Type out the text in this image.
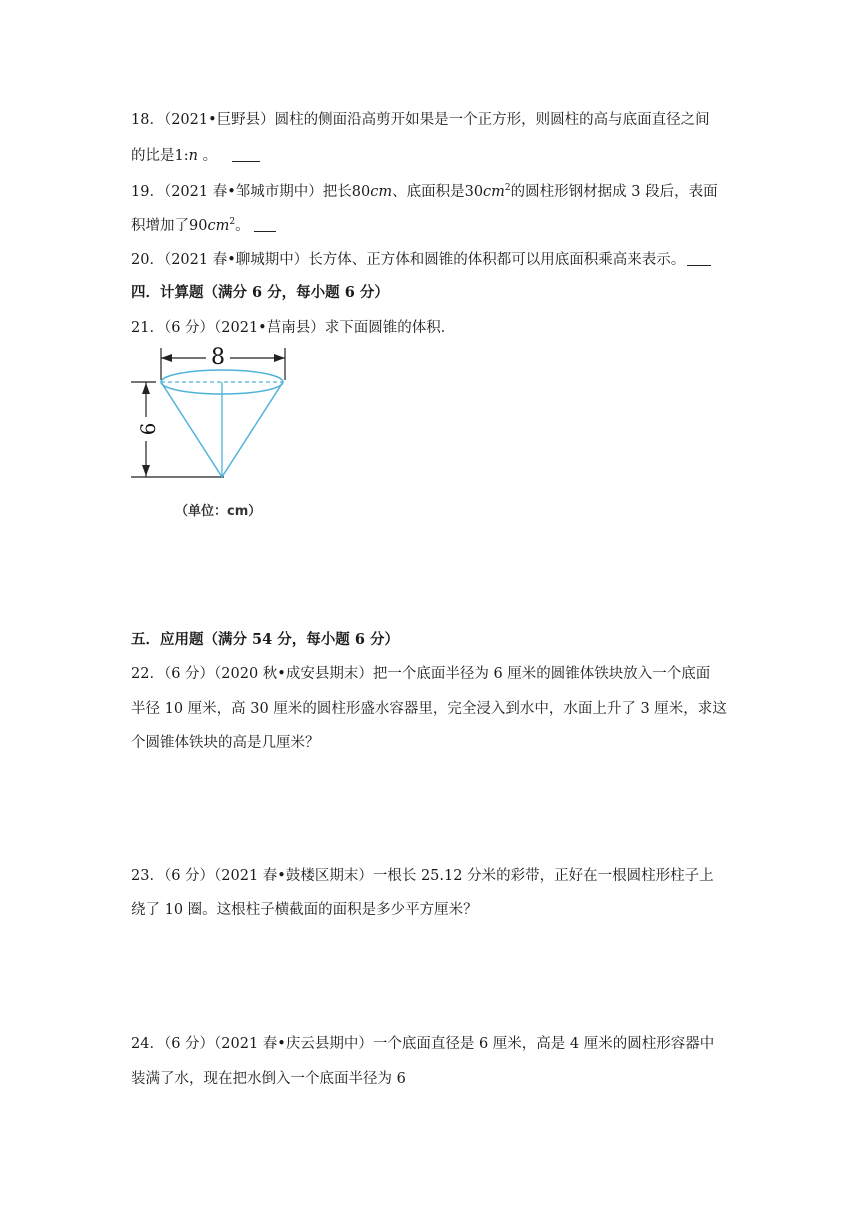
18．（2021•巨野县）圆柱的侧面沿高剪开如果是一个正方形，则圆柱的高与底面直径之间
的比是1:n 。
19．（2021 春•邹城市期中）把长80cm、底面积是$30cm^2$的圆柱形钢材据成 3 段后，表面
积增加了$90cm^2$。
20．（2021 春•聊城期中）长方体、正方体和圆锥的体积都可以用底面积乘高来表示。
四．计算题（满分 6 分，每小题 6 分）
21．（6 分）（2021•莒南县）求下面圆锥的体积．
8
9
（单位：cm）
五．应用题（满分 54 分，每小题 6 分）
22．（6 分）（2020 秋•成安县期末）把一个底面半径为 6 厘米的圆锥体铁块放入一个底面
半径 10 厘米，高 30 厘米的圆柱形盛水容器里，完全浸入到水中，水面上升了 3 厘米，求这
个圆锥体铁块的高是几厘米？
23．（6 分）（2021 春•鼓楼区期末）一根长 25.12 分米的彩带，正好在一根圆柱形柱子上
绕了 10 圈。这根柱子横截面的面积是多少平方厘米？
24．（6 分）（2021 春•庆云县期中）一个底面直径是 6 厘米，高是 4 厘米的圆柱形容器中
装满了水，现在把水倒入一个底面半径为 6
